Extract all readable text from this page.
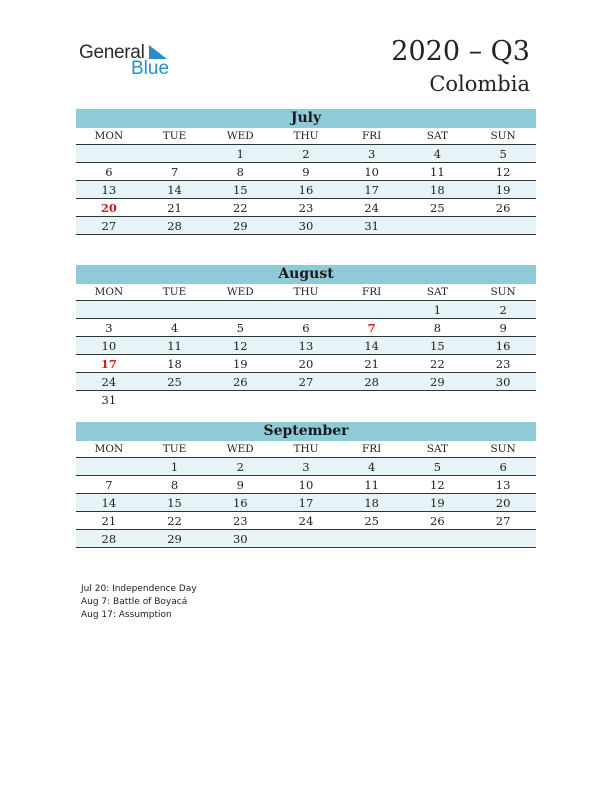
General
Blue
2020 – Q3
Colombia
July
MON	TUE	WED	THU	FRI	SAT	SUN
		1	2	3	4	5
6	7	8	9	10	11	12
13	14	15	16	17	18	19
20	21	22	23	24	25	26
27	28	29	30	31		
August
MON	TUE	WED	THU	FRI	SAT	SUN
					1	2
3	4	5	6	7	8	9
10	11	12	13	14	15	16
17	18	19	20	21	22	23
24	25	26	27	28	29	30
31						
September
MON	TUE	WED	THU	FRI	SAT	SUN
	1	2	3	4	5	6
7	8	9	10	11	12	13
14	15	16	17	18	19	20
21	22	23	24	25	26	27
28	29	30				
Jul 20: Independence Day
Aug 7: Battle of Boyacá
Aug 17: Assumption
